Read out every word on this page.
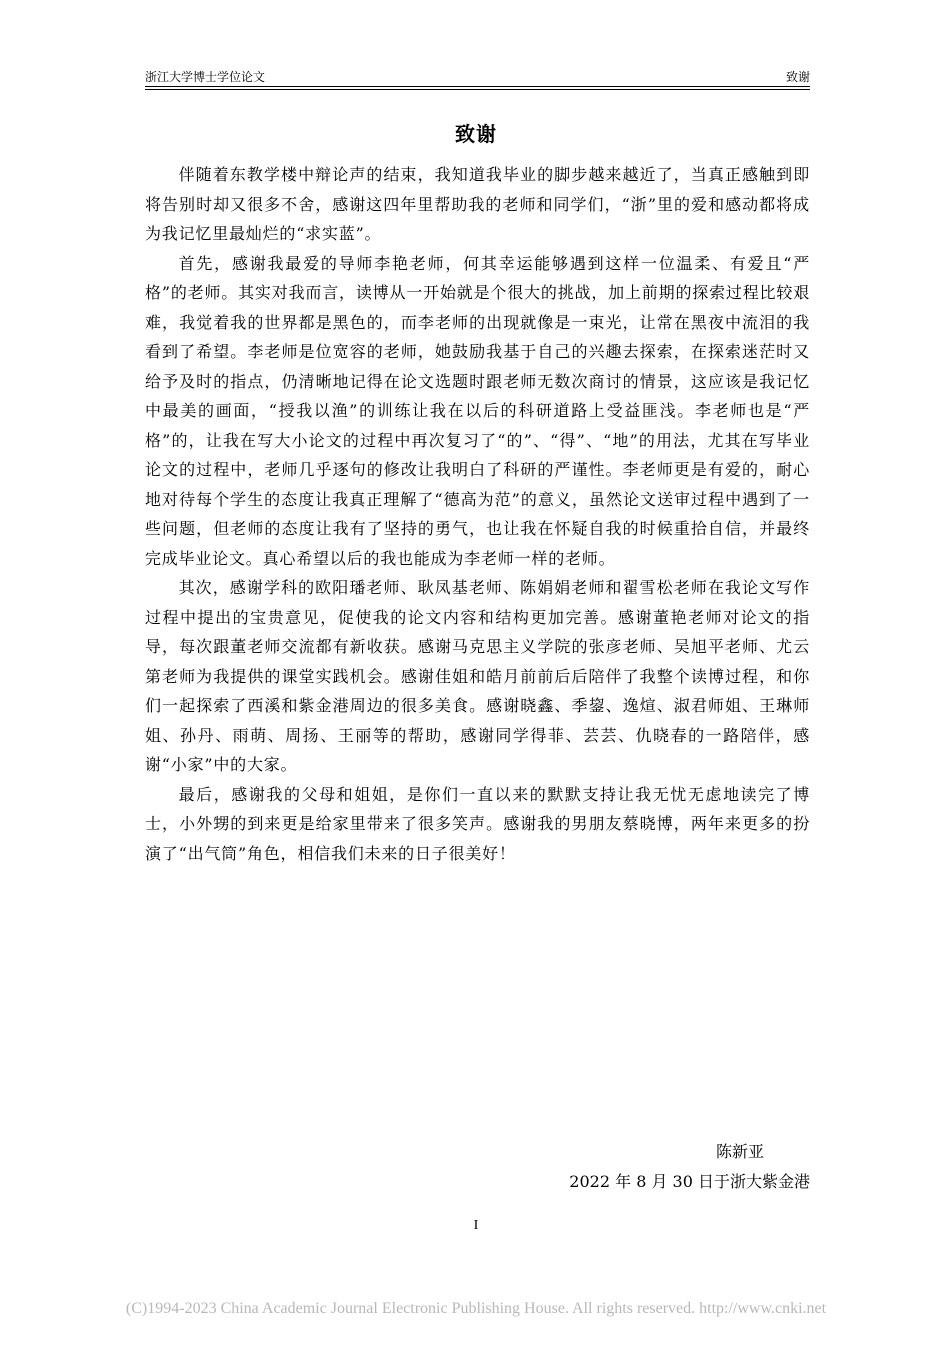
浙江大学博士学位论文	致谢
致谢

伴随着东教学楼中辩论声的结束，我知道我毕业的脚步越来越近了，当真正感触到即将告别时却又很多不舍，感谢这四年里帮助我的老师和同学们，“浙”里的爱和感动都将成为我记忆里最灿烂的“求实蓝”。

首先，感谢我最爱的导师李艳老师，何其幸运能够遇到这样一位温柔、有爱且“严格”的老师。其实对我而言，读博从一开始就是个很大的挑战，加上前期的探索过程比较艰难，我觉着我的世界都是黑色的，而李老师的出现就像是一束光，让常在黑夜中流泪的我看到了希望。李老师是位宽容的老师，她鼓励我基于自己的兴趣去探索，在探索迷茫时又给予及时的指点，仍清晰地记得在论文选题时跟老师无数次商讨的情景，这应该是我记忆中最美的画面，“授我以渔”的训练让我在以后的科研道路上受益匪浅。李老师也是“严格”的，让我在写大小论文的过程中再次复习了“的”、“得”、“地”的用法，尤其在写毕业论文的过程中，老师几乎逐句的修改让我明白了科研的严谨性。李老师更是有爱的，耐心地对待每个学生的态度让我真正理解了“德高为范”的意义，虽然论文送审过程中遇到了一些问题，但老师的态度让我有了坚持的勇气，也让我在怀疑自我的时候重拾自信，并最终完成毕业论文。真心希望以后的我也能成为李老师一样的老师。

其次，感谢学科的欧阳璠老师、耿凤基老师、陈娟娟老师和翟雪松老师在我论文写作过程中提出的宝贵意见，促使我的论文内容和结构更加完善。感谢董艳老师对论文的指导，每次跟董老师交流都有新收获。感谢马克思主义学院的张彦老师、吴旭平老师、尤云第老师为我提供的课堂实践机会。感谢佳姐和皓月前前后后陪伴了我整个读博过程，和你们一起探索了西溪和紫金港周边的很多美食。感谢晓鑫、季鋆、逸煊、淑君师姐、王琳师姐、孙丹、雨萌、周扬、王丽等的帮助，感谢同学得菲、芸芸、仇晓春的一路陪伴，感谢“小家”中的大家。

最后，感谢我的父母和姐姐，是你们一直以来的默默支持让我无忧无虑地读完了博士，小外甥的到来更是给家里带来了很多笑声。感谢我的男朋友蔡晓博，两年来更多的扮演了“出气筒”角色，相信我们未来的日子很美好！

陈新亚
2022 年 8 月 30 日于浙大紫金港
I
(C)1994-2023 China Academic Journal Electronic Publishing House. All rights reserved. http://www.cnki.net
